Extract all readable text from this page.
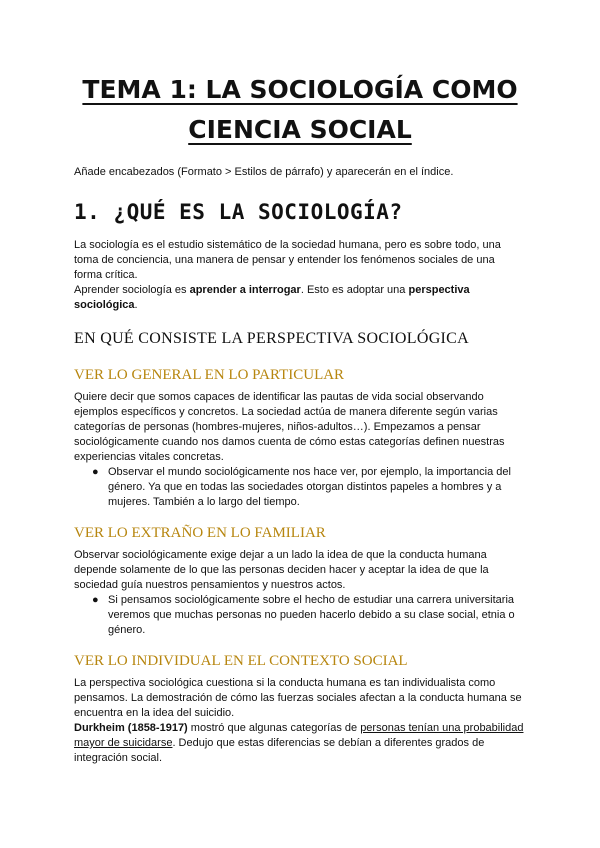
TEMA 1: LA SOCIOLOGÍA COMO
CIENCIA SOCIAL
Añade encabezados (Formato > Estilos de párrafo) y aparecerán en el índice.
1. ¿QUÉ ES LA SOCIOLOGÍA?
La sociología es el estudio sistemático de la sociedad humana, pero es sobre todo, una
toma de conciencia, una manera de pensar y entender los fenómenos sociales de una
forma crítica.
Aprender sociología es aprender a interrogar. Esto es adoptar una perspectiva
sociológica.
EN QUÉ CONSISTE LA PERSPECTIVA SOCIOLÓGICA
VER LO GENERAL EN LO PARTICULAR
Quiere decir que somos capaces de identificar las pautas de vida social observando
ejemplos específicos y concretos. La sociedad actúa de manera diferente según varias
categorías de personas (hombres-mujeres, niños-adultos…). Empezamos a pensar
sociológicamente cuando nos damos cuenta de cómo estas categorías definen nuestras
experiencias vitales concretas.
● Observar el mundo sociológicamente nos hace ver, por ejemplo, la importancia del
género. Ya que en todas las sociedades otorgan distintos papeles a hombres y a
mujeres. También a lo largo del tiempo.
VER LO EXTRAÑO EN LO FAMILIAR
Observar sociológicamente exige dejar a un lado la idea de que la conducta humana
depende solamente de lo que las personas deciden hacer y aceptar la idea de que la
sociedad guía nuestros pensamientos y nuestros actos.
● Si pensamos sociológicamente sobre el hecho de estudiar una carrera universitaria
veremos que muchas personas no pueden hacerlo debido a su clase social, etnia o
género.
VER LO INDIVIDUAL EN EL CONTEXTO SOCIAL
La perspectiva sociológica cuestiona si la conducta humana es tan individualista como
pensamos. La demostración de cómo las fuerzas sociales afectan a la conducta humana se
encuentra en la idea del suicidio.
Durkheim (1858-1917) mostró que algunas categorías de personas tenían una probabilidad
mayor de suicidarse. Dedujo que estas diferencias se debían a diferentes grados de
integración social.
